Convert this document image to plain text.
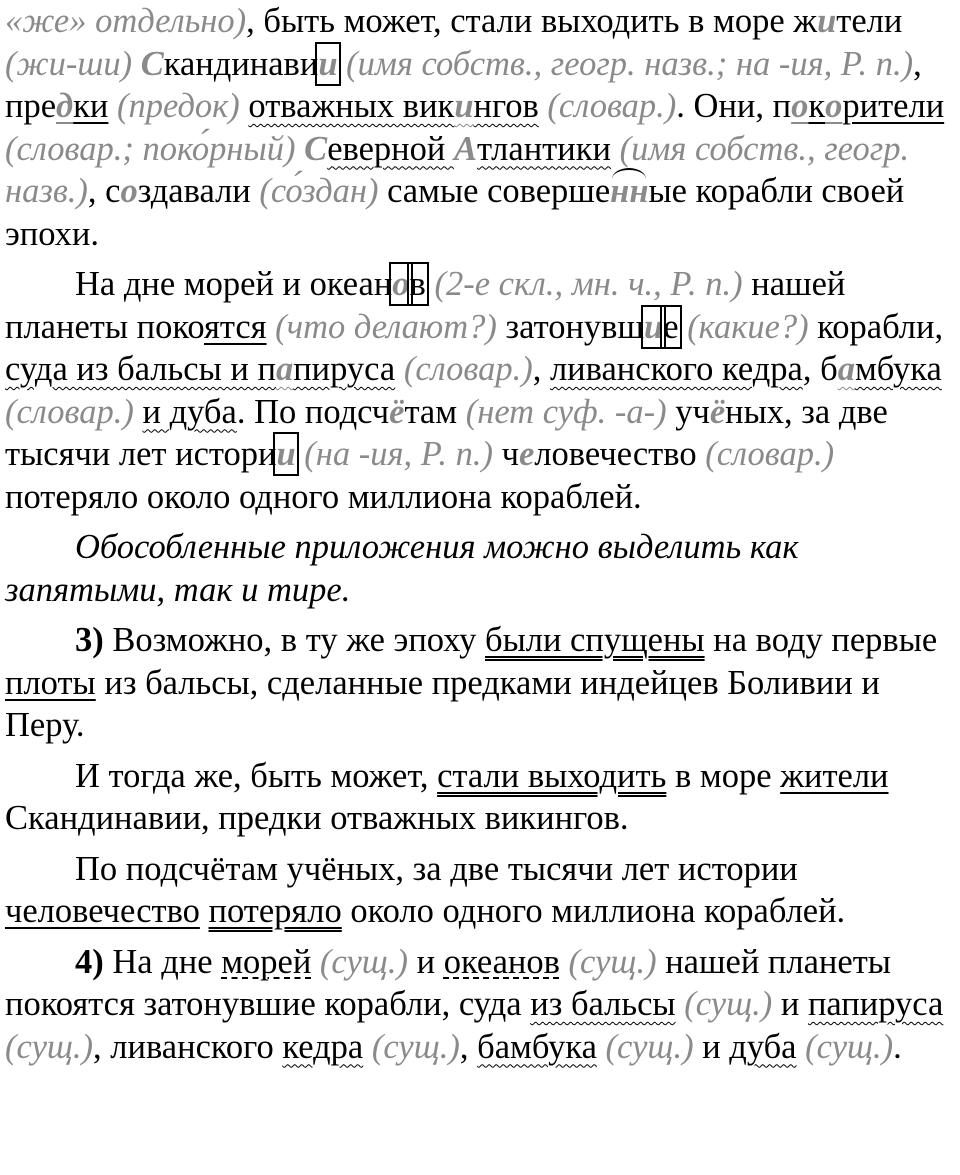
«же» отдельно), быть может, стали выходить в море жители (жи-ши) Скандинавии (имя собств., геогр. назв.; на -ия, Р. п.), предки (предок) отважных викингов (словар.). Они, покорители (словар.; поко́рный) Северной Атлантики (имя собств., геогр. назв.), создавали (со́здан) самые совершенные корабли своей эпохи.

На дне морей и океанов (2-е скл., мн. ч., Р. п.) нашей планеты покоятся (что делают?) затонувшие (какие?) корабли, суда из бальсы и папируса (словар.), ливанского кедра, бамбука (словар.) и дуба. По подсчётам (нет суф. -а-) учёных, за две тысячи лет истории (на -ия, Р. п.) человечество (словар.) потеряло около одного миллиона кораблей.

Обособленные приложения можно выделить как запятыми, так и тире.

3) Возможно, в ту же эпоху были спущены на воду первые плоты из бальсы, сделанные предками индейцев Боливии и Перу.

И тогда же, быть может, стали выходить в море жители Скандинавии, предки отважных викингов.

По подсчётам учёных, за две тысячи лет истории человечество потеряло около одного миллиона кораблей.

4) На дне морей (сущ.) и океанов (сущ.) нашей планеты покоятся затонувшие корабли, суда из бальсы (сущ.) и папируса (сущ.), ливанского кедра (сущ.), бамбука (сущ.) и дуба (сущ.).
